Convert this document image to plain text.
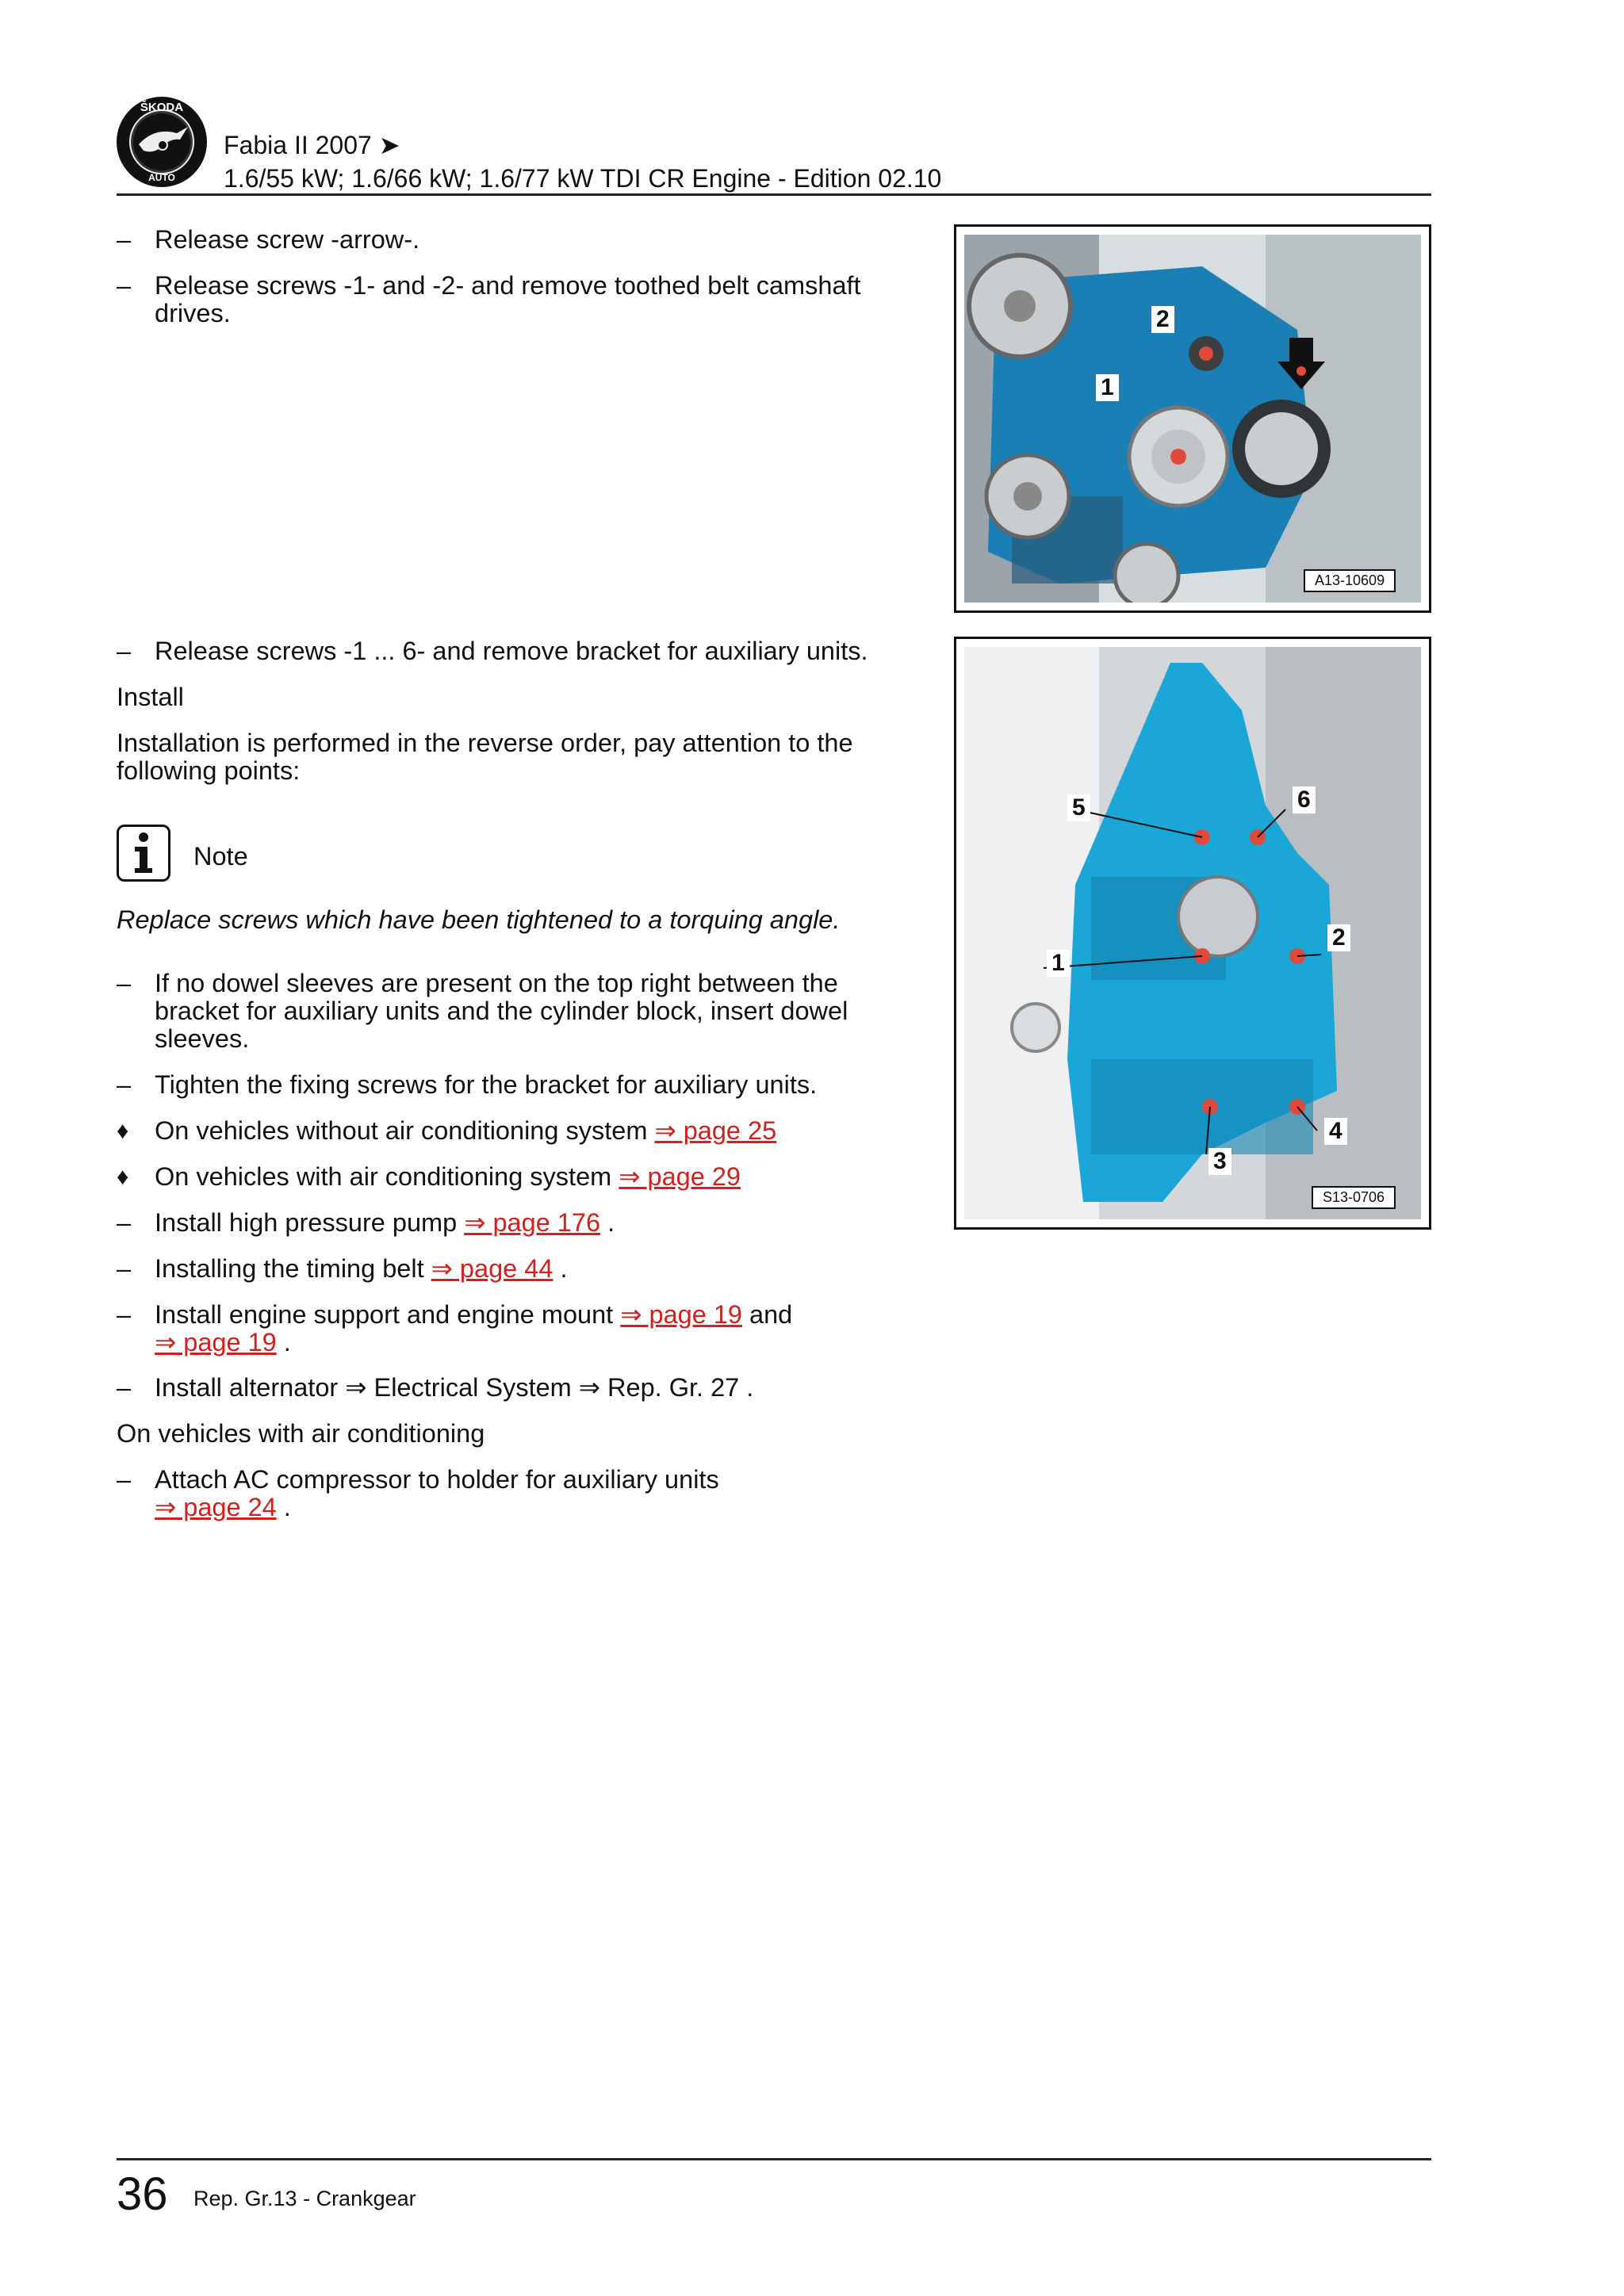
ŠKODA
AUTO
Fabia II 2007 ➤
1.6/55 kW; 1.6/66 kW; 1.6/77 kW TDI CR Engine - Edition 02.10
– Release screw -arrow-.
– Release screws -1- and -2- and remove toothed belt camshaft drives.
– Release screws -1 ... 6- and remove bracket for auxiliary units.
Install
Installation is performed in the reverse order, pay attention to the following points:
Note
Replace screws which have been tightened to a torquing angle.
– If no dowel sleeves are present on the top right between the bracket for auxiliary units and the cylinder block, insert dowel sleeves.
– Tighten the fixing screws for the bracket for auxiliary units.
♦	On vehicles without air conditioning system ⇒ page 25
♦	On vehicles with air conditioning system ⇒ page 29
– Install high pressure pump ⇒ page 176 .
– Installing the timing belt ⇒ page 44 .
– Install engine support and engine mount ⇒ page 19 and
⇒ page 19 .
– Install alternator ⇒ Electrical System ⇒ Rep. Gr. 27 .
On vehicles with air conditioning
– Attach AC compressor to holder for auxiliary units
⇒ page 24 .
2
1
A13-10609
5	6
1
2
3
4
S13-0706
36 Rep. Gr.13 - Crankgear
